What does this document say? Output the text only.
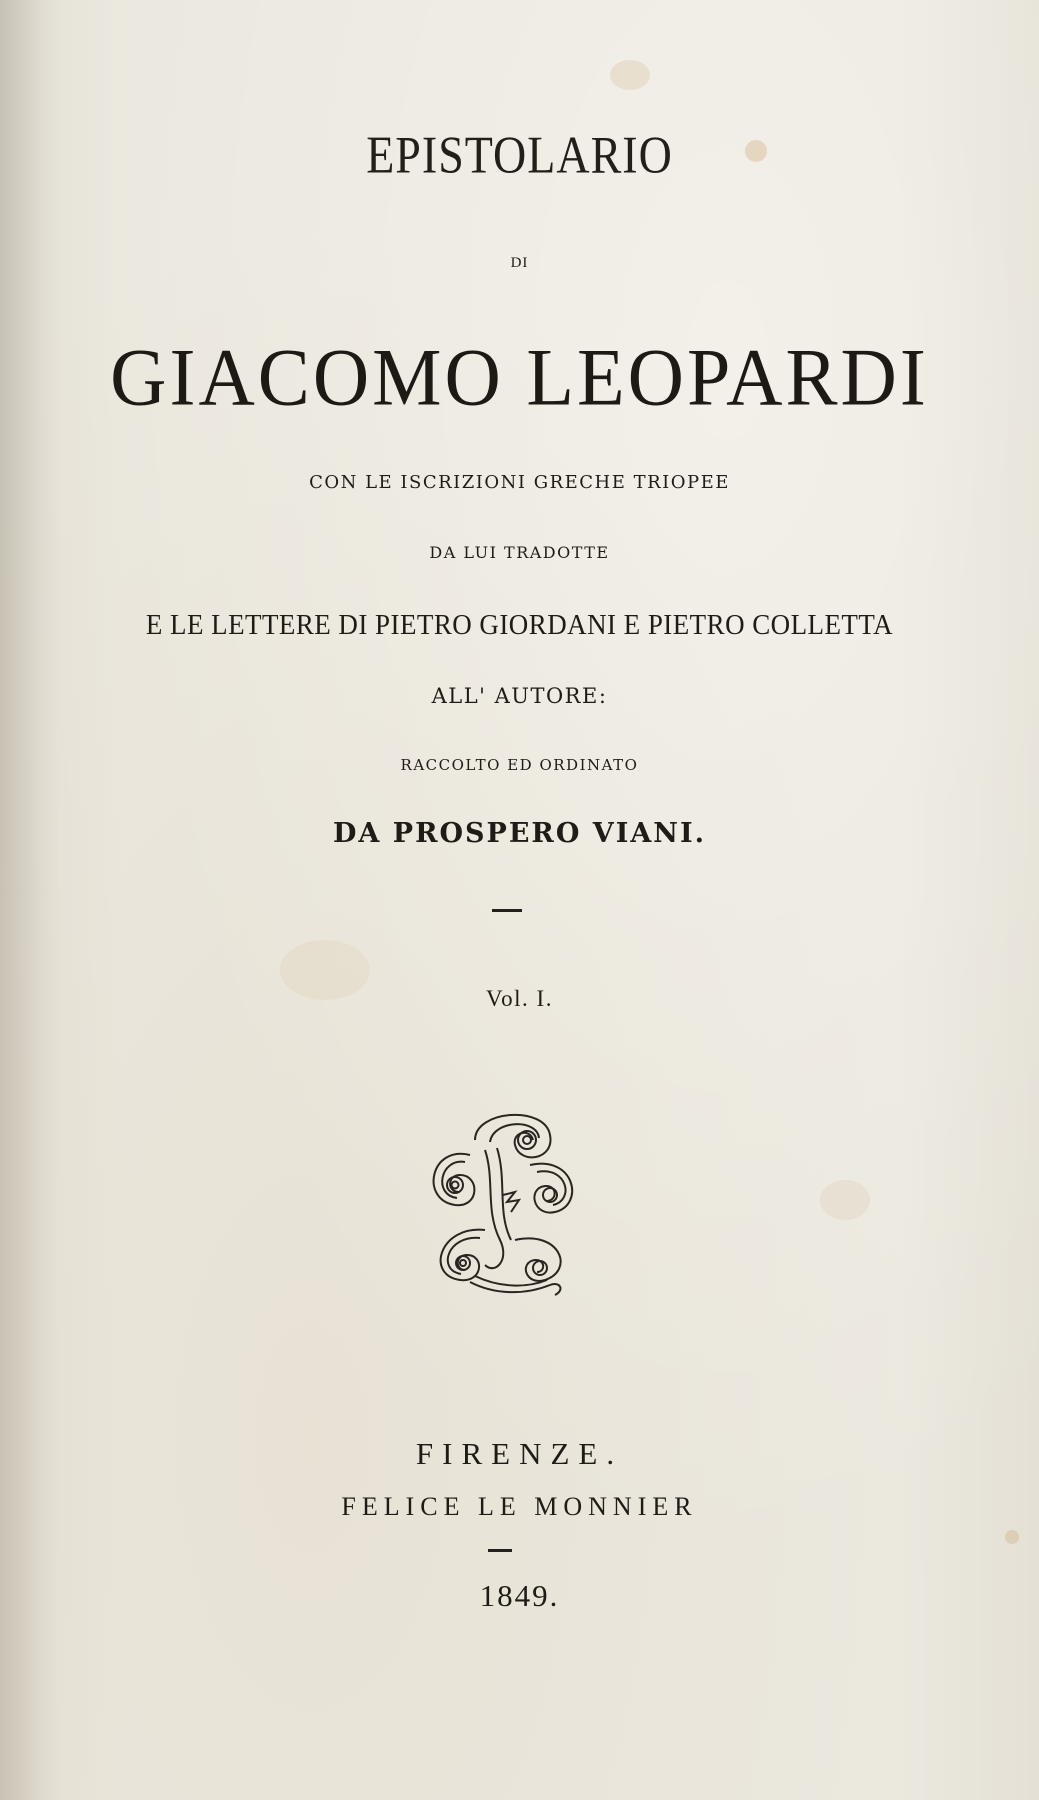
EPISTOLARIO
DI
GIACOMO LEOPARDI
CON LE ISCRIZIONI GRECHE TRIOPEE
DA LUI TRADOTTE
E LE LETTERE DI PIETRO GIORDANI E PIETRO COLLETTA
ALL' AUTORE:
RACCOLTO ED ORDINATO
DA PROSPERO VIANI.
Vol. I.
FIRENZE.
FELICE LE MONNIER
1849.
